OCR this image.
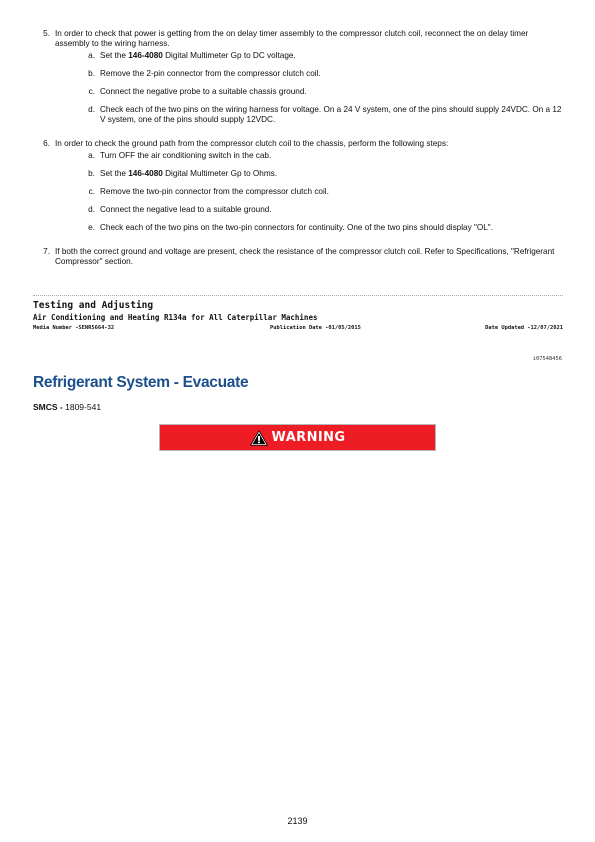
5. In order to check that power is getting from the on delay timer assembly to the compressor clutch coil, reconnect the on delay timer assembly to the wiring harness.
a. Set the 146-4080 Digital Multimeter Gp to DC voltage.
b. Remove the 2-pin connector from the compressor clutch coil.
c. Connect the negative probe to a suitable chassis ground.
d. Check each of the two pins on the wiring harness for voltage. On a 24 V system, one of the pins should supply 24VDC. On a 12 V system, one of the pins should supply 12VDC.
6. In order to check the ground path from the compressor clutch coil to the chassis, perform the following steps:
a. Turn OFF the air conditioning switch in the cab.
b. Set the 146-4080 Digital Multimeter Gp to Ohms.
c. Remove the two-pin connector from the compressor clutch coil.
d. Connect the negative lead to a suitable ground.
e. Check each of the two pins on the two-pin connectors for continuity. One of the two pins should display "OL".
7. If both the correct ground and voltage are present, check the resistance of the compressor clutch coil. Refer to Specifications, "Refrigerant Compressor" section.
Testing and Adjusting
Air Conditioning and Heating R134a for All Caterpillar Machines
Media Number -SENR5664-32	Publication Date -01/05/2015	Date Updated -12/07/2021
i07548456
Refrigerant System - Evacuate
SMCS - 1809-541
WARNING
2139
